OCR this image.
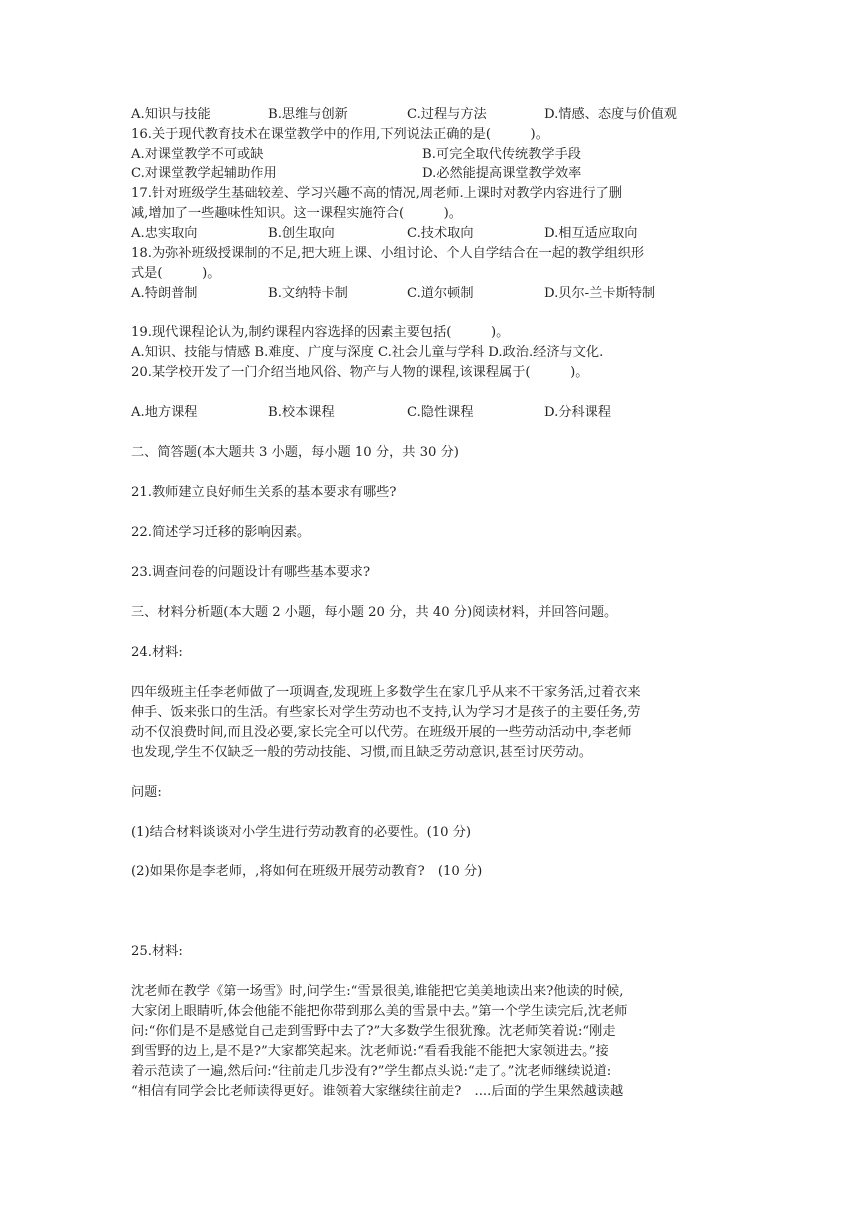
A.知识与技能	B.思维与创新	C.过程与方法	D.情感、态度与价值观
16.关于现代教育技术在课堂教学中的作用,下列说法正确的是(　　　)。
A.对课堂教学不可或缺	B.可完全取代传统教学手段
C.对课堂教学起辅助作用	D.必然能提高课堂教学效率
17.针对班级学生基础较差、学习兴趣不高的情况,周老师.上课时对教学内容进行了删
减,增加了一些趣味性知识。这一课程实施符合(　　　)。
A.忠实取向	B.创生取向	C.技术取向	D.相互适应取向
18.为弥补班级授课制的不足,把大班上课、小组讨论、个人自学结合在一起的教学组织形
式是(　　　)。
A.特朗普制	B.文纳特卡制	C.道尔顿制	D.贝尔-兰卡斯特制
19.现代课程论认为,制约课程内容选择的因素主要包括(　　　)。
A.知识、技能与情感 B.难度、广度与深度 C.社会儿童与学科 D.政治.经济与文化.
20.某学校开发了一门介绍当地风俗、物产与人物的课程,该课程属于(　　　)。
A.地方课程	B.校本课程	C.隐性课程	D.分科课程
二、简答题(本大题共 3 小题，每小题 10 分，共 30 分)
21.教师建立良好师生关系的基本要求有哪些?
22.简述学习迁移的影响因素。
23.调查问卷的问题设计有哪些基本要求?
三、材料分析题(本大题 2 小题，每小题 20 分，共 40 分)阅读材料，并回答问题。
24.材料:
四年级班主任李老师做了一项调查,发现班上多数学生在家几乎从来不干家务活,过着衣来
伸手、饭来张口的生活。有些家长对学生劳动也不支持,认为学习才是孩子的主要任务,劳
动不仅浪费时间,而且没必要,家长完全可以代劳。在班级开展的一些劳动活动中,李老师
也发现,学生不仅缺乏一般的劳动技能、习惯,而且缺乏劳动意识,甚至讨厌劳动。
问题:
(1)结合材料谈谈对小学生进行劳动教育的必要性。(10 分)
(2)如果你是李老师，,将如何在班级开展劳动教育?　(10 分)
25.材料:
沈老师在教学《第一场雪》时,问学生:“雪景很美,谁能把它美美地读出来?他读的时候,
大家闭上眼睛听,体会他能不能把你带到那么美的雪景中去。”第一个学生读完后,沈老师
问:“你们是不是感觉自己走到雪野中去了?”大多数学生很犹豫。沈老师笑着说:“刚走
到雪野的边上,是不是?”大家都笑起来。沈老师说:“看看我能不能把大家领进去。”接
着示范读了一遍,然后问:“往前走几步没有?”学生都点头说:“走了。”沈老师继续说道:
“相信有同学会比老师读得更好。谁领着大家继续往前走?　....后面的学生果然越读越
